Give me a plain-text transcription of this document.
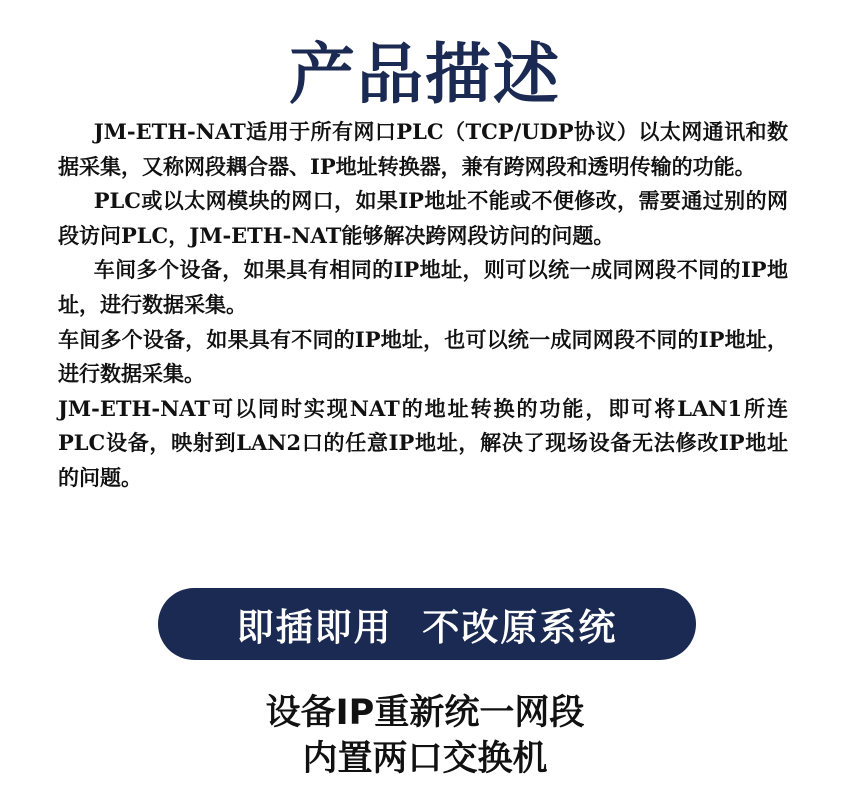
产品描述

JM-ETH-NAT适用于所有网口PLC（TCP/UDP协议）以太网通讯和数据采集，又称网段耦合器、IP地址转换器，兼有跨网段和透明传输的功能。

PLC或以太网模块的网口，如果IP地址不能或不便修改，需要通过别的网段访问PLC，JM-ETH-NAT能够解决跨网段访问的问题。

车间多个设备，如果具有相同的IP地址，则可以统一成同网段不同的IP地址，进行数据采集。

车间多个设备，如果具有不同的IP地址，也可以统一成同网段不同的IP地址，进行数据采集。

JM-ETH-NAT可以同时实现NAT的地址转换的功能，即可将LAN1所连PLC设备，映射到LAN2口的任意IP地址，解决了现场设备无法修改IP地址的问题。

即插即用  不改原系统
设备IP重新统一网段
内置两口交换机
